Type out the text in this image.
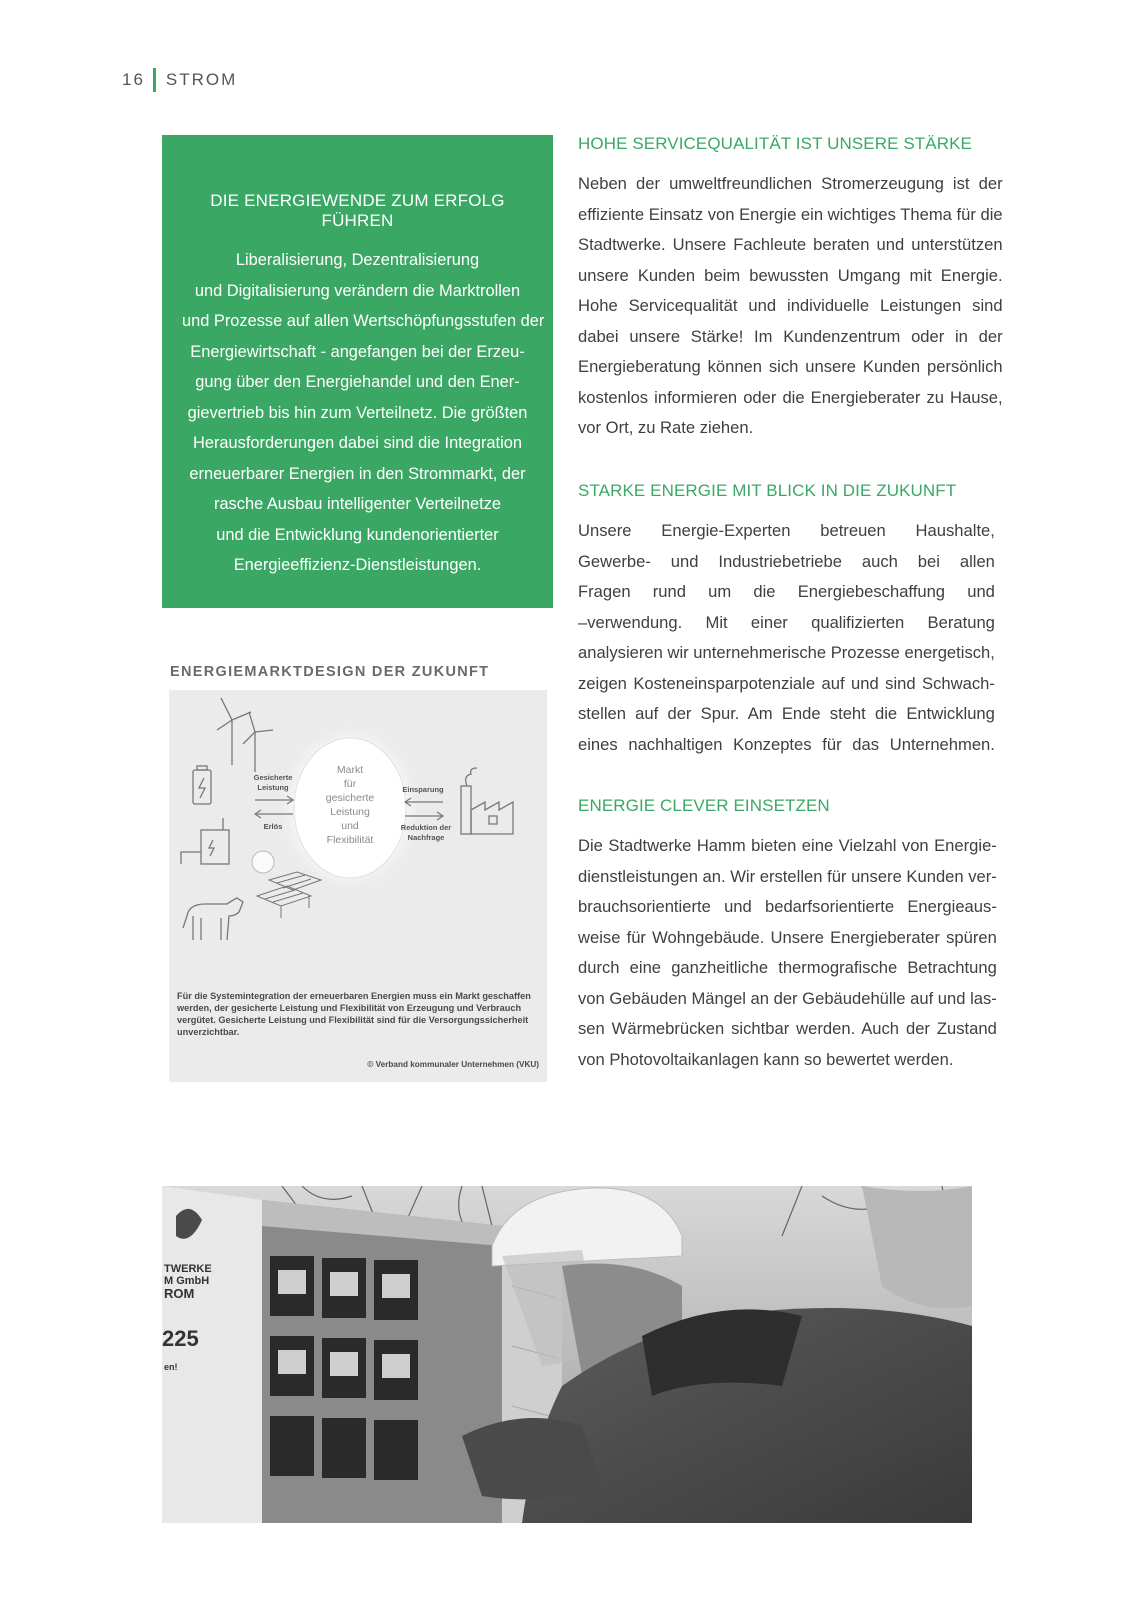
16 STROM
DIE ENERGIEWENDE ZUM ERFOLG FÜHREN
Liberalisierung, Dezentralisierung
und Digitalisierung verändern die Marktrollen
und Prozesse auf allen Wertschöpfungsstufen der
Energiewirtschaft - angefangen bei der Erzeu-
gung über den Energiehandel und den Ener-
gievertrieb bis hin zum Verteilnetz. Die größten
Herausforderungen dabei sind die Integration
erneuerbarer Energien in den Strommarkt, der
rasche Ausbau intelligenter Verteilnetze
und die Entwicklung kundenorientierter
Energieeffizienz-Dienstleistungen.
ENERGIEMARKTDESIGN DER ZUKUNFT
Markt
für
gesicherte
Leistung
und
Flexibilität
Gesicherte
Leistung
Erlös
Einsparung
Reduktion der
Nachfrage
Für die Systemintegration der erneuerbaren Energien muss ein Markt geschaffen werden, der gesicherte Leistung und Flexibilität von Erzeugung und Verbrauch vergütet. Gesicherte Leistung und Flexibilität sind für die Versorgungssicherheit unverzichtbar.
© Verband kommunaler Unternehmen (VKU)
HOHE SERVICEQUALITÄT IST UNSERE STÄRKE

Neben der umweltfreundlichen Stromerzeugung ist der
effiziente Einsatz von Energie ein wichtiges Thema für die
Stadtwerke. Unsere Fachleute beraten und unterstützen
unsere Kunden beim bewussten Umgang mit Energie.
Hohe Servicequalität und individuelle Leistungen sind
dabei unsere Stärke! Im Kundenzentrum oder in der
Energieberatung können sich unsere Kunden persönlich
kostenlos informieren oder die Energieberater zu Hause,
vor Ort, zu Rate ziehen.

STARKE ENERGIE MIT BLICK IN DIE ZUKUNFT

Unsere Energie-Experten betreuen Haushalte,
Gewerbe- und Industriebetriebe auch bei allen
Fragen rund um die Energiebeschaffung und
–verwendung. Mit einer qualifizierten Beratung
analysieren wir unternehmerische Prozesse energetisch,
zeigen Kosteneinsparpotenziale auf und sind Schwach-
stellen auf der Spur. Am Ende steht die Entwicklung
eines nachhaltigen Konzeptes für das Unternehmen.

ENERGIE CLEVER EINSETZEN

Die Stadtwerke Hamm bieten eine Vielzahl von Energie-
dienstleistungen an. Wir erstellen für unsere Kunden ver-
brauchsorientierte und bedarfsorientierte Energieaus-
weise für Wohngebäude. Unsere Energieberater spüren
durch eine ganzheitliche thermografische Betrachtung
von Gebäuden Mängel an der Gebäudehülle auf und las-
sen Wärmebrücken sichtbar werden. Auch der Zustand
von Photovoltaikanlagen kann so bewertet werden.

TWERKE
M GmbH
ROM
225
en!
